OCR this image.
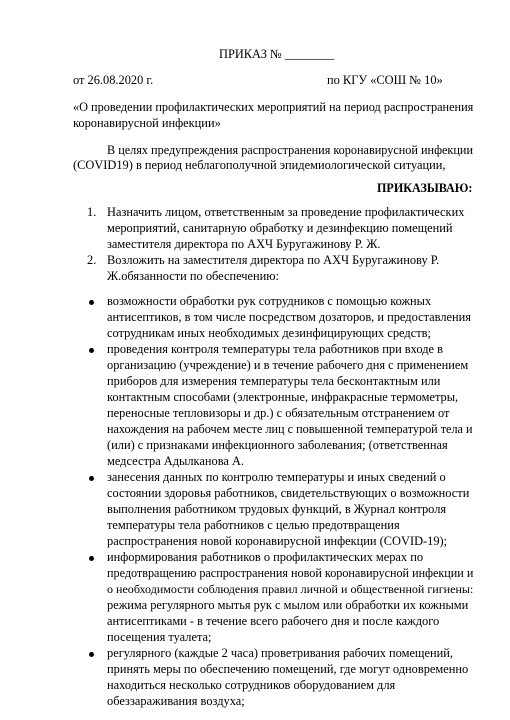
ПРИКАЗ № ________
от 26.08.2020 г.	по КГУ «СОШ № 10»
«О проведении профилактических мероприятий на период распространения
коронавирусной инфекции»
В целях предупреждения распространения коронавирусной инфекции
(COVID19) в период неблагополучной эпидемиологической ситуации,
ПРИКАЗЫВАЮ:
1. Назначить лицом, ответственным за проведение профилактических
мероприятий, санитарную обработку и дезинфекцию помещений
заместителя директора по АХЧ Буругажинову Р. Ж.
2. Возложить на заместителя директора по АХЧ Буругажинову Р.
Ж.обязанности по обеспечению:
возможности обработки рук сотрудников с помощью кожных
антисептиков, в том числе посредством дозаторов, и предоставления
сотрудникам иных необходимых дезинфицирующих средств;
проведения контроля температуры тела работников при входе в
организацию (учреждение) и в течение рабочего дня с применением
приборов для измерения температуры тела бесконтактным или
контактным способами (электронные, инфракрасные термометры,
переносные тепловизоры и др.) с обязательным отстранением от
нахождения на рабочем месте лиц с повышенной температурой тела и
(или) с признаками инфекционного заболевания; (ответственная
медсестра Адылканова А.
занесения данных по контролю температуры и иных сведений о
состоянии здоровья работников, свидетельствующих о возможности
выполнения работником трудовых функций, в Журнал контроля
температуры тела работников с целью предотвращения
распространения новой коронавирусной инфекции (COVID-19);
информирования работников о профилактических мерах по
предотвращению распространения новой коронавирусной инфекции и
о необходимости соблюдения правил личной и общественной гигиены:
режима регулярного мытья рук с мылом или обработки их кожными
антисептиками - в течение всего рабочего дня и после каждого
посещения туалета;
регулярного (каждые 2 часа) проветривания рабочих помещений,
принять меры по обеспечению помещений, где могут одновременно
находиться несколько сотрудников оборудованием для
обеззараживания воздуха;
